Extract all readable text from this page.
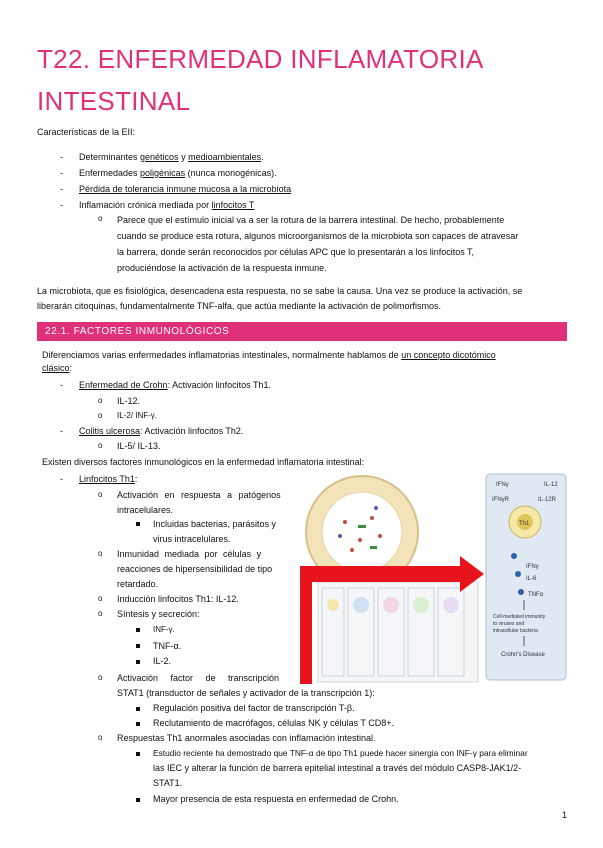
T22. ENFERMEDAD INFLAMATORIA
INTESTINAL
Características de la EII:
- Determinantes genéticos y medioambientales.
- Enfermedades poligénicas (nunca monogénicas).
- Pérdida de tolerancia inmune mucosa a la microbiota
- Inflamación crónica mediada por linfocitos T
o Parece que el estímulo inicial va a ser la rotura de la barrera intestinal. De hecho, probablemente
cuando se produce esta rotura, algunos microorganismos de la microbiota son capaces de atravesar
la barrera, donde serán reconocidos por células APC que lo presentarán a los linfocitos T,
produciéndose la activación de la respuesta inmune.
La microbiota, que es fisiológica, desencadena esta respuesta, no se sabe la causa. Una vez se produce la activación, se
liberarán citoquinas, fundamentalmente TNF-alfa, que actúa mediante la activación de polimorfismos.
22.1. FACTORES INMUNOLÓGICOS
Diferenciamos varias enfermedades inflamatorias intestinales, normalmente hablamos de un concepto dicotómico
clásico:
- Enfermedad de Crohn: Activación linfocitos Th1.
o IL-12.
o IL-2/ INF-γ.
- Colitis ulcerosa: Activación linfocitos Th2.
o IL-5/ IL-13.
Existen diversos factores inmunológicos en la enfermedad inflamatoria intestinal:
- Linfocitos Th1:
o Activación en respuesta a patógenos
intracelulares.
Incluidas bacterias, parásitos y
virus intracelulares.
o Inmunidad mediada por células y
reacciones de hipersensibilidad de tipo
retardado.
o Inducción linfocitos Th1: IL-12.
o Síntesis y secreción:
INF-γ.
TNF-α.
IL-2.
o Activación factor de transcripción
STAT1 (transductor de señales y activador de la transcripción 1):
Regulación positiva del factor de transcripción T-β.
Reclutamiento de macrófagos, células NK y células T CD8+.
o Respuestas Th1 anormales asociadas con inflamación intestinal.
Estudio reciente ha demostrado que TNF-α de tipo Th1 puede hacer sinergia con INF-γ para eliminar
las IEC y alterar la función de barrera epitelial intestinal a través del módulo CASP8-JAK1/2-
STAT1.
Mayor presencia de esta respuesta en enfermedad de Crohn.
IFNγ	IL-12
IFNγR	IL-12R
Th1
IFNγ
IL-6
TNFα
Cell-mediated immunity
to viruses and
intracellular bacteria
Crohn's Disease
1
